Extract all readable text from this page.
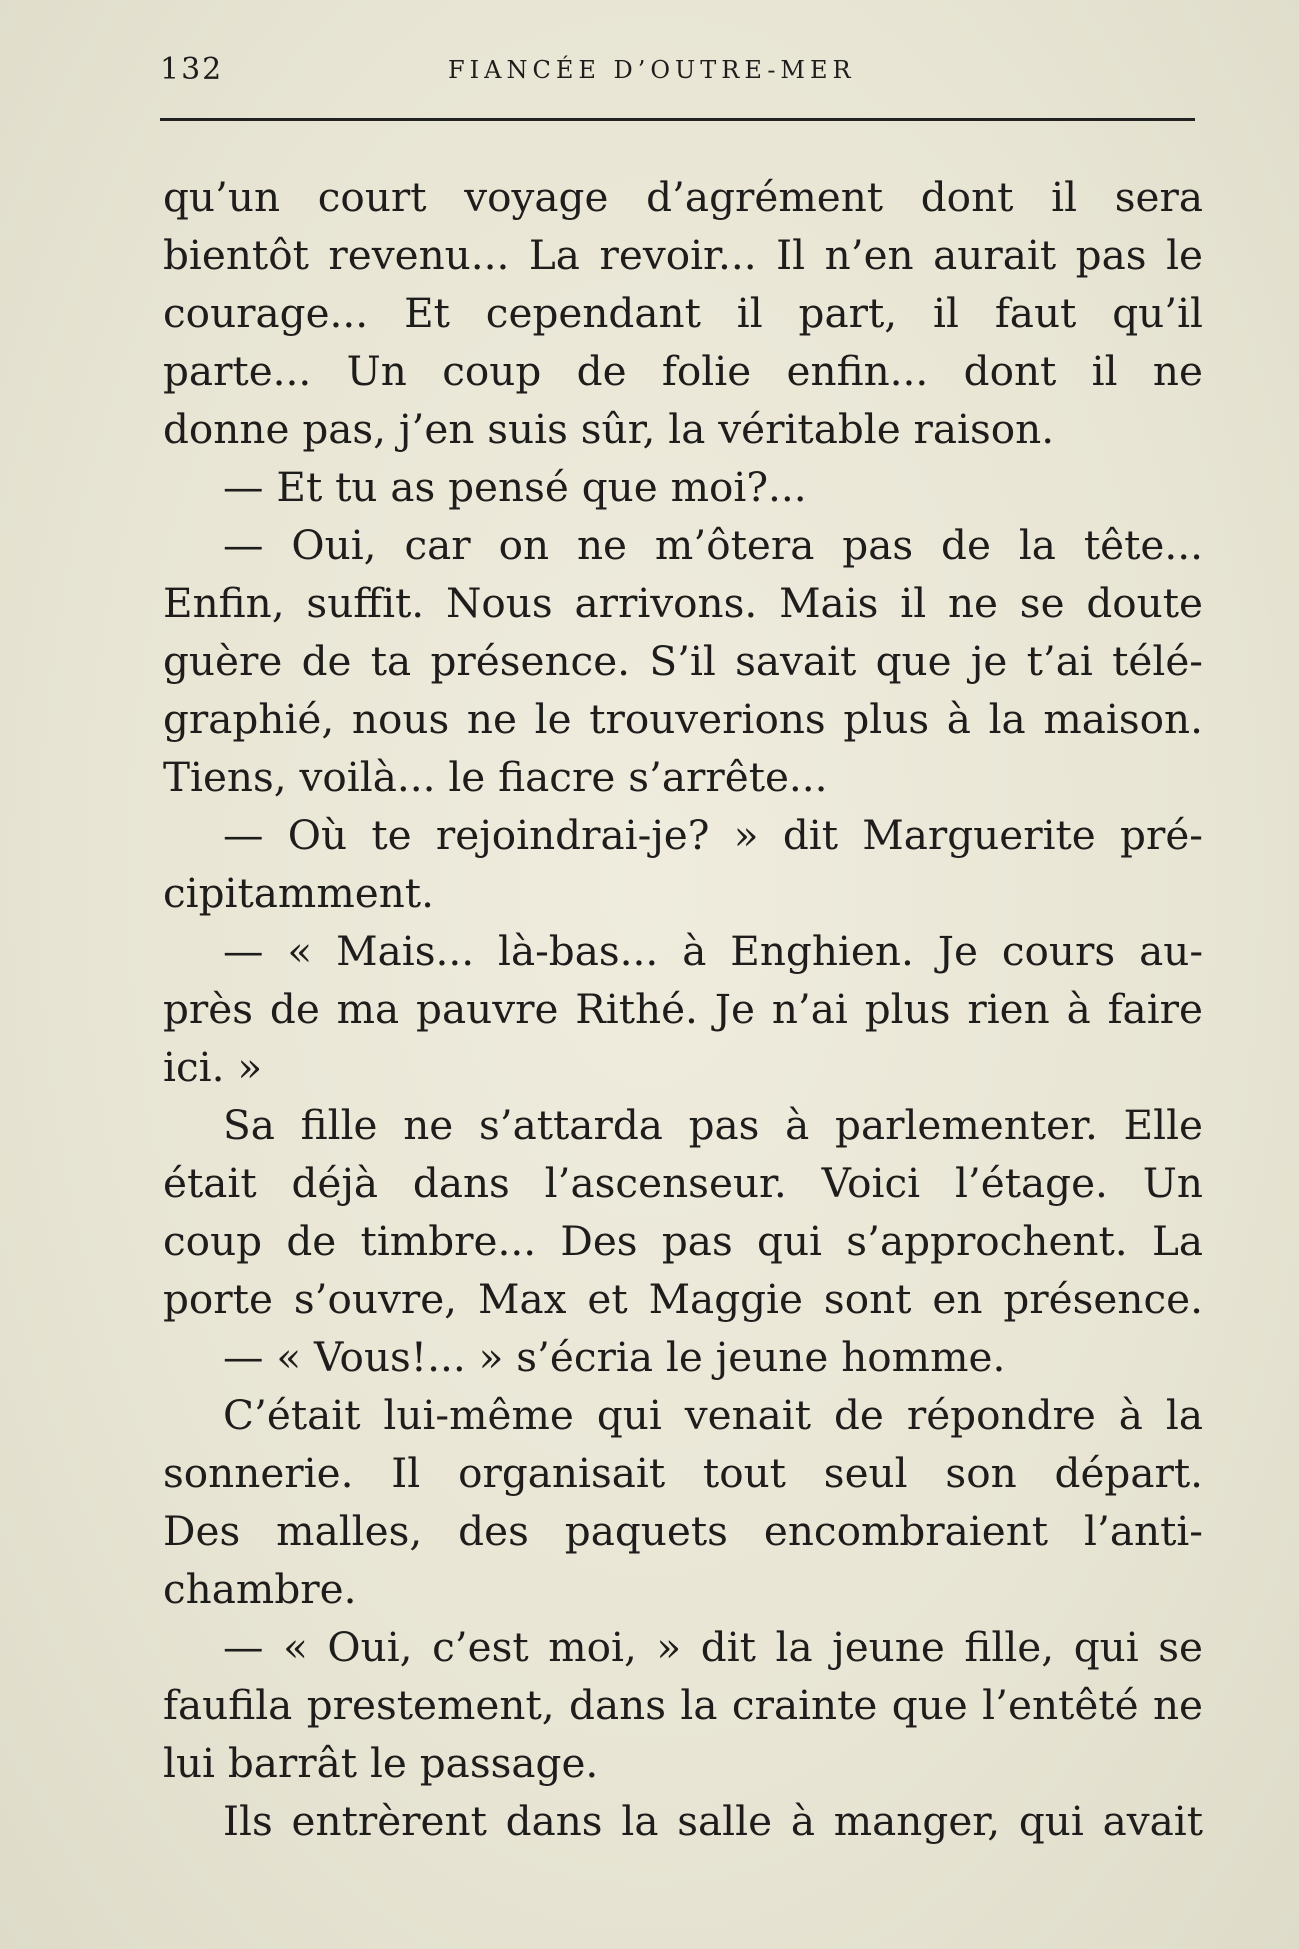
132	FIANCÉE D’OUTRE-MER
qu’un court voyage d’agrément dont il sera
bientôt revenu... La revoir... Il n’en aurait pas le
courage... Et cependant il part, il faut qu’il
parte... Un coup de folie enfin... dont il ne
donne pas, j’en suis sûr, la véritable raison.
— Et tu as pensé que moi?...
— Oui, car on ne m’ôtera pas de la tête...
Enfin, suffit. Nous arrivons. Mais il ne se doute
guère de ta présence. S’il savait que je t’ai télé-
graphié, nous ne le trouverions plus à la maison.
Tiens, voilà... le fiacre s’arrête...
— Où te rejoindrai-je? » dit Marguerite pré-
cipitamment.
— « Mais... là-bas... à Enghien. Je cours au-
près de ma pauvre Rithé. Je n’ai plus rien à faire
ici. »
Sa fille ne s’attarda pas à parlementer. Elle
était déjà dans l’ascenseur. Voici l’étage. Un
coup de timbre... Des pas qui s’approchent. La
porte s’ouvre, Max et Maggie sont en présence.
— « Vous!... » s’écria le jeune homme.
C’était lui-même qui venait de répondre à la
sonnerie. Il organisait tout seul son départ.
Des malles, des paquets encombraient l’anti-
chambre.
— « Oui, c’est moi, » dit la jeune fille, qui se
faufila prestement, dans la crainte que l’entêté ne
lui barrât le passage.
Ils entrèrent dans la salle à manger, qui avait
